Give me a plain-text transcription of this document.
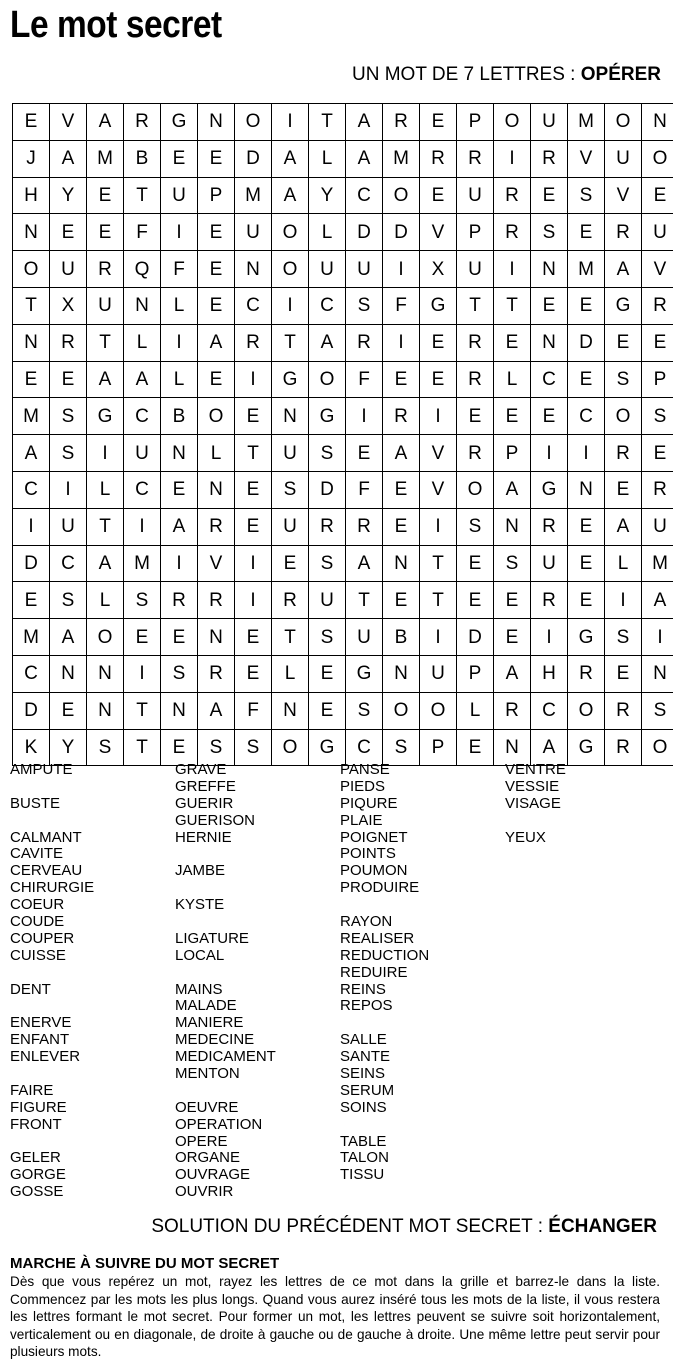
Le mot secret
UN MOT DE 7 LETTRES : OPÉRER
E	V	A	R	G	N	O	I	T	A	R	E	P	O	U	M	O	N
J	A	M	B	E	E	D	A	L	A	M	R	R	I	R	V	U	O
H	Y	E	T	U	P	M	A	Y	C	O	E	U	R	E	S	V	E
N	E	E	F	I	E	U	O	L	D	D	V	P	R	S	E	R	U
O	U	R	Q	F	E	N	O	U	U	I	X	U	I	N	M	A	V
T	X	U	N	L	E	C	I	C	S	F	G	T	T	E	E	G	R
N	R	T	L	I	A	R	T	A	R	I	E	R	E	N	D	E	E
E	E	A	A	L	E	I	G	O	F	E	E	R	L	C	E	S	P
M	S	G	C	B	O	E	N	G	I	R	I	E	E	E	C	O	S
A	S	I	U	N	L	T	U	S	E	A	V	R	P	I	I	R	E
C	I	L	C	E	N	E	S	D	F	E	V	O	A	G	N	E	R
I	U	T	I	A	R	E	U	R	R	E	I	S	N	R	E	A	U
D	C	A	M	I	V	I	E	S	A	N	T	E	S	U	E	L	M
E	S	L	S	R	R	I	R	U	T	E	T	E	E	R	E	I	A
M	A	O	E	E	N	E	T	S	U	B	I	D	E	I	G	S	I
C	N	N	I	S	R	E	L	E	G	N	U	P	A	H	R	E	N
D	E	N	T	N	A	F	N	E	S	O	O	L	R	C	O	R	S
K	Y	S	T	E	S	S	O	G	C	S	P	E	N	A	G	R	O
AMPUTE
BUSTE
CALMANT
CAVITE
CERVEAU
CHIRURGIE
COEUR
COUDE
COUPER
CUISSE
DENT
ENERVE
ENFANT
ENLEVER
FAIRE
FIGURE
FRONT
GELER
GORGE
GOSSE
GRAVE
GREFFE
GUERIR
GUERISON
HERNIE
JAMBE
KYSTE
LIGATURE
LOCAL
MAINS
MALADE
MANIERE
MEDECINE
MEDICAMENT
MENTON
OEUVRE
OPERATION
OPERE
ORGANE
OUVRAGE
OUVRIR
PANSE
PIEDS
PIQURE
PLAIE
POIGNET
POINTS
POUMON
PRODUIRE
RAYON
REALISER
REDUCTION
REDUIRE
REINS
REPOS
SALLE
SANTE
SEINS
SERUM
SOINS
TABLE
TALON
TISSU
VENTRE
VESSIE
VISAGE
YEUX
SOLUTION DU PRÉCÉDENT MOT SECRET : ÉCHANGER
MARCHE À SUIVRE DU MOT SECRET

Dès que vous repérez un mot, rayez les lettres de ce mot dans la grille et barrez-le dans la liste. Commencez par les mots les plus longs. Quand vous aurez inséré tous les mots de la liste, il vous restera les lettres formant le mot secret. Pour former un mot, les lettres peuvent se suivre soit horizontalement, verticalement ou en diagonale, de droite à gauche ou de gauche à droite. Une même lettre peut servir pour plusieurs mots.
